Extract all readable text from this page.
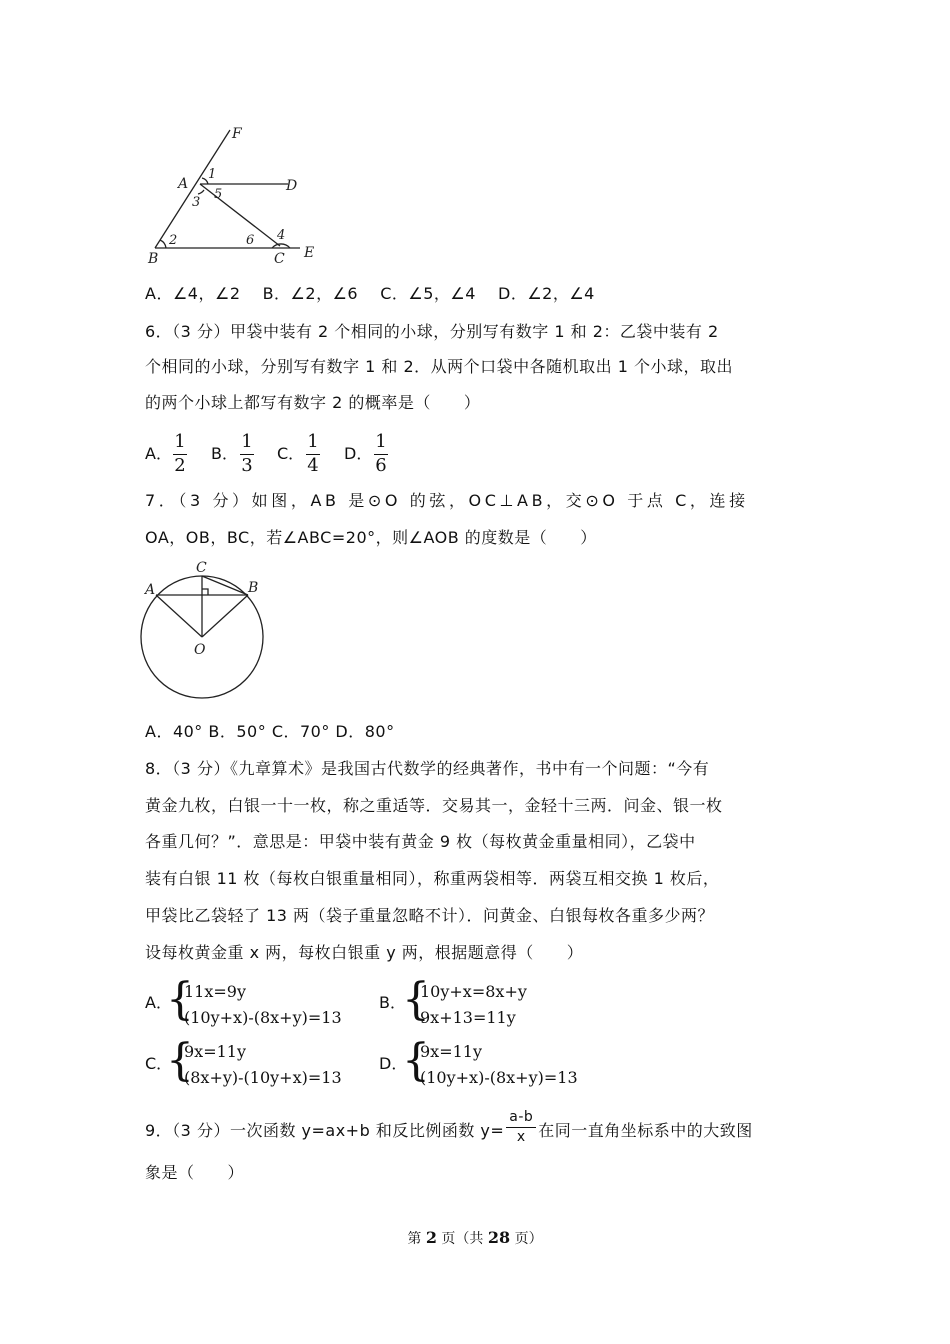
F
A	D
B	C E
1
3
5
2	6 4
A．∠4，∠2　 B．∠2，∠6　 C．∠5，∠4　 D．∠2，∠4
6．（3 分）甲袋中装有 2 个相同的小球，分别写有数字 1 和 2：乙袋中装有 2
个相同的小球，分别写有数字 1 和 2．从两个口袋中各随机取出 1 个小球，取出
的两个小球上都写有数字 2 的概率是（　　）
A．
1
2
B．
1
3
C．
1
4
D．
1
6
7．（3 分）如图，AB 是⊙O 的弦，OC⊥AB，交⊙O 于点 C，连接
OA，OB，BC，若∠ABC=20°，则∠AOB 的度数是（　　）
A	B
C
O
A．40° B．50° C．70° D．80°
8．（3 分）《九章算术》是我国古代数学的经典著作，书中有一个问题：“今有
黄金九枚，白银一十一枚，称之重适等．交易其一，金轻十三两．问金、银一枚
各重几何？”．意思是：甲袋中装有黄金 9 枚（每枚黄金重量相同），乙袋中
装有白银 11 枚（每枚白银重量相同），称重两袋相等．两袋互相交换 1 枚后，
甲袋比乙袋轻了 13 两（袋子重量忽略不计）．问黄金、白银每枚各重多少两？
设每枚黄金重 x 两，每枚白银重 y 两，根据题意得（　　）
A．
{
11x=9y
(10y+x)-(8x+y)=13
B．
{
10y+x=8x+y
9x+13=11y
C．
{
9x=11y
(8x+y)-(10y+x)=13
D．
{
9x=11y
(10y+x)-(8x+y)=13
9．（3 分）一次函数 y=ax+b 和反比例函数 y=
a-b
x 在同一直角坐标系中的大致图
象是（　　）
第 2 页（共 28 页）
